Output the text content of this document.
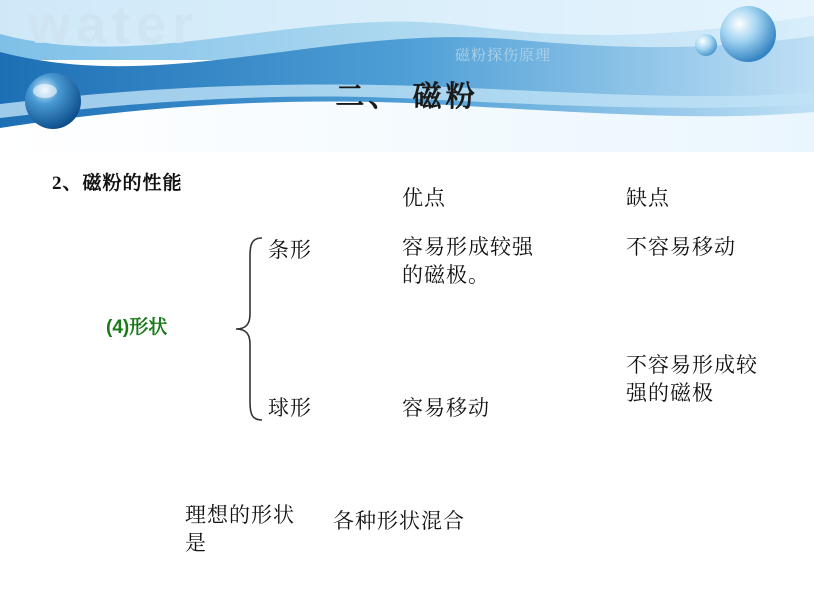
water
磁粉探伤原理
二、 磁粉
2、磁粉的性能
优点	缺点
(4)形状
条形
球形
容易形成较强的磁极。
不容易移动
容易移动
不容易形成较强的磁极
理想的形状是
各种形状混合
